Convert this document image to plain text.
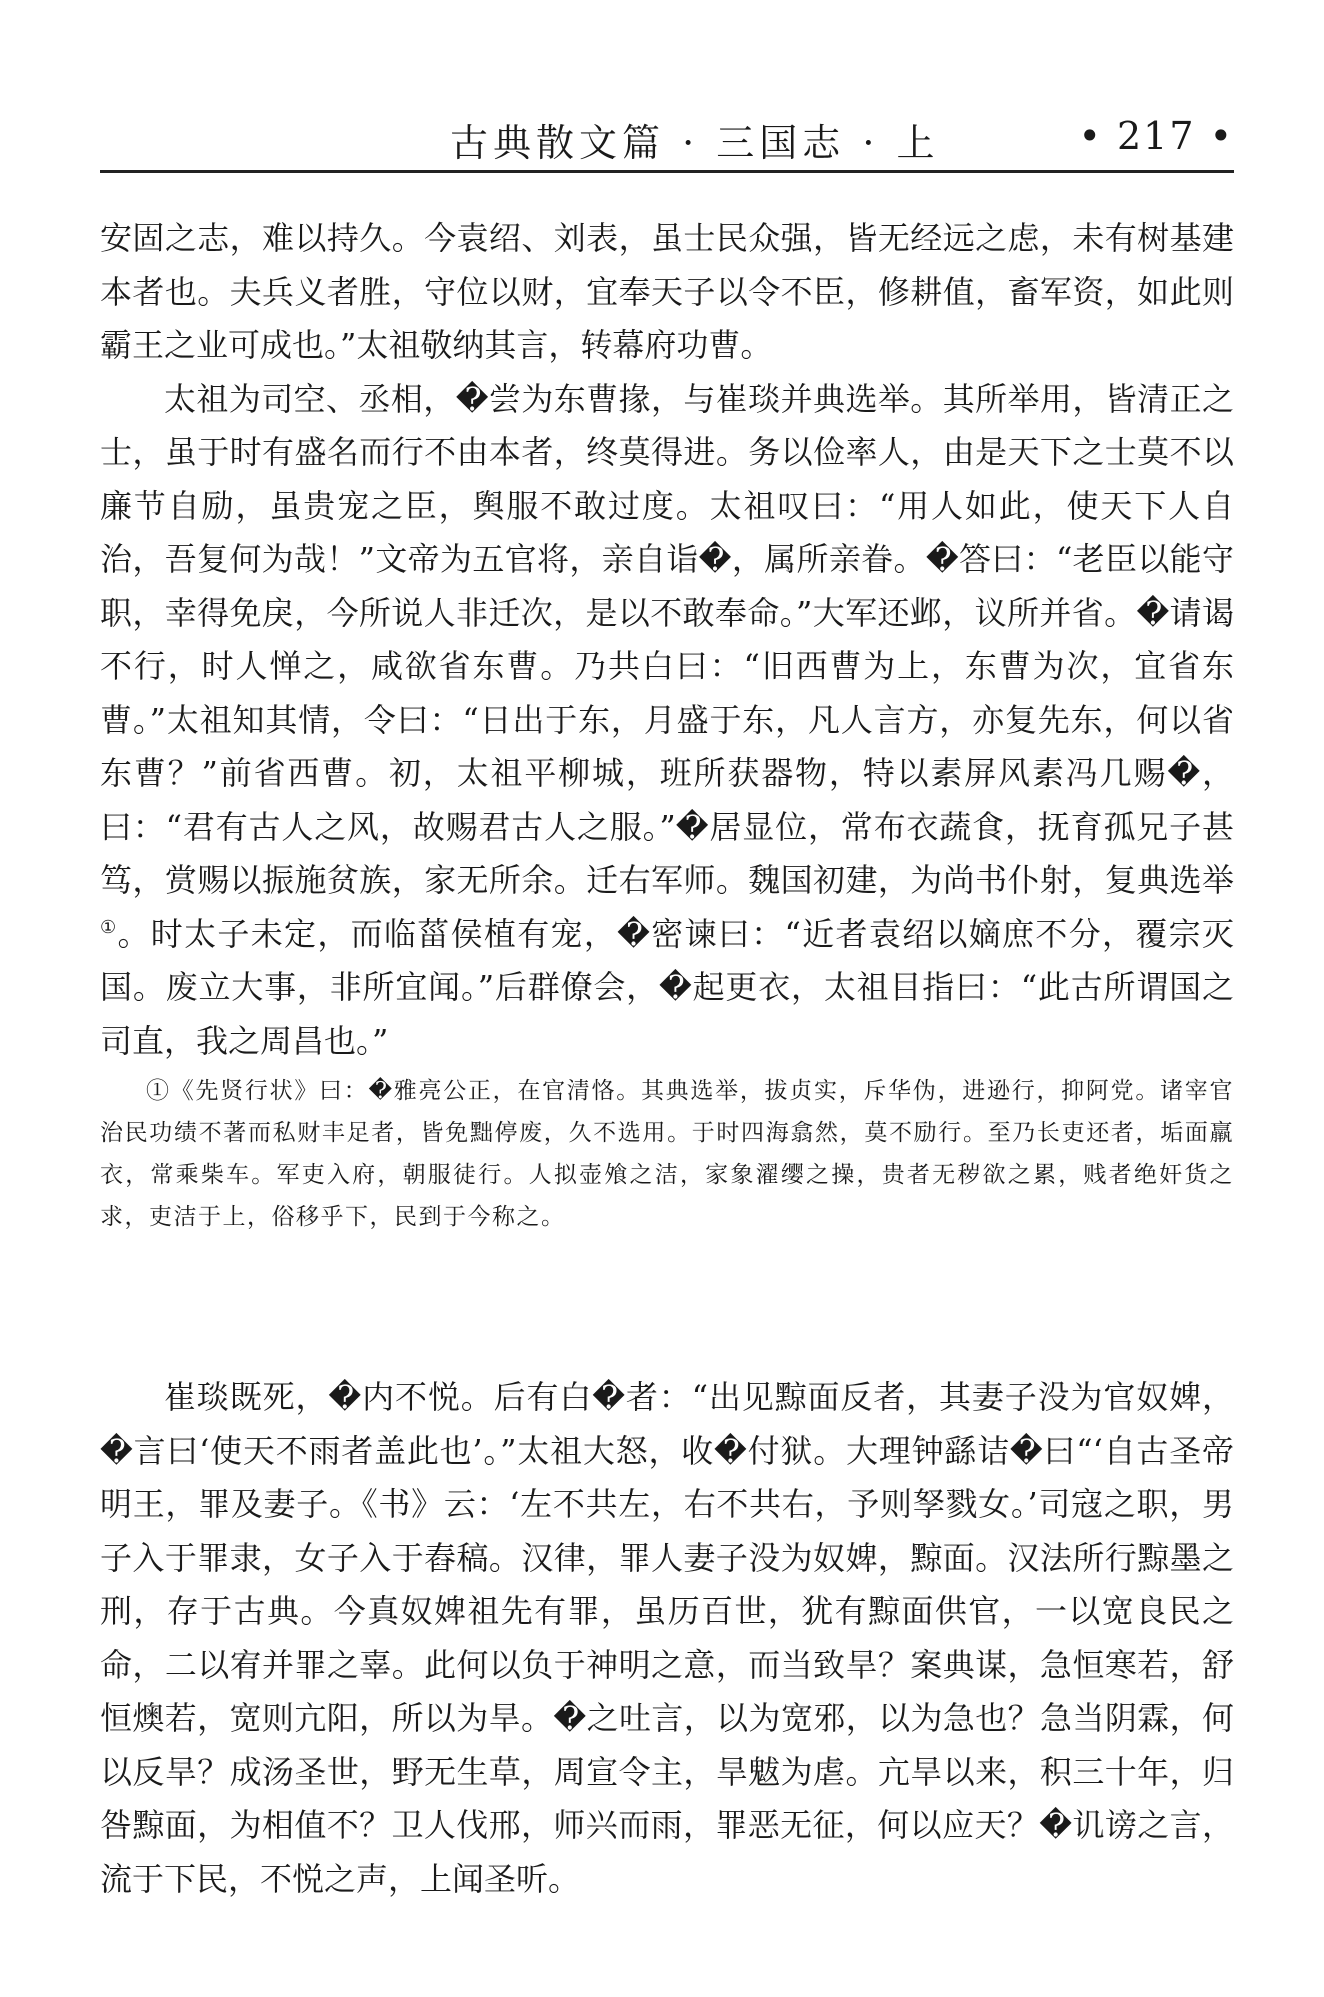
古典散文篇 · 三国志 · 上	• 217 •

安固之志，难以持久。今袁绍、刘表，虽士民众强，皆无经远之虑，未有树基建本者也。夫兵义者胜，守位以财，宜奉天子以令不臣，修耕值，畜军资，如此则霸王之业可成也。”太祖敬纳其言，转幕府功曹。

太祖为司空、丞相，�尝为东曹掾，与崔琰并典选举。其所举用，皆清正之士，虽于时有盛名而行不由本者，终莫得进。务以俭率人，由是天下之士莫不以廉节自励，虽贵宠之臣，舆服不敢过度。太祖叹曰：“用人如此，使天下人自治，吾复何为哉！”文帝为五官将，亲自诣�，属所亲眷。�答曰：“老臣以能守职，幸得免戾，今所说人非迁次，是以不敢奉命。”大军还邺，议所并省。�请谒不行，时人惮之，咸欲省东曹。乃共白曰：“旧西曹为上，东曹为次，宜省东曹。”太祖知其情，令曰：“日出于东，月盛于东，凡人言方，亦复先东，何以省东曹？”前省西曹。初，太祖平柳城，班所获器物，特以素屏风素冯几赐�，曰：“君有古人之风，故赐君古人之服。”�居显位，常布衣蔬食，抚育孤兄子甚笃，赏赐以振施贫族，家无所余。迁右军师。魏国初建，为尚书仆射，复典选举①。时太子未定，而临菑侯植有宠，�密谏曰：“近者袁绍以嫡庶不分，覆宗灭国。废立大事，非所宜闻。”后群僚会，�起更衣，太祖目指曰：“此古所谓国之司直，我之周昌也。”

①《先贤行状》曰：�雅亮公正，在官清恪。其典选举，拔贞实，斥华伪，进逊行，抑阿党。诸宰官治民功绩不著而私财丰足者，皆免黜停废，久不选用。于时四海翕然，莫不励行。至乃长吏还者，垢面羸衣，常乘柴车。军吏入府，朝服徒行。人拟壶飧之洁，家象濯缨之操，贵者无秽欲之累，贱者绝奸货之求，吏洁于上，俗移乎下，民到于今称之。

崔琰既死，�内不悦。后有白�者：“出见黥面反者，其妻子没为官奴婢，�言曰‘使天不雨者盖此也’。”太祖大怒，收�付狱。大理钟繇诘�曰“‘自古圣帝明王，罪及妻子。《书》云：‘左不共左，右不共右，予则孥戮女。’司寇之职，男子入于罪隶，女子入于舂稿。汉律，罪人妻子没为奴婢，黥面。汉法所行黥墨之刑，存于古典。今真奴婢祖先有罪，虽历百世，犹有黥面供官，一以宽良民之命，二以宥并罪之辜。此何以负于神明之意，而当致旱？案典谋，急恒寒若，舒恒燠若，宽则亢阳，所以为旱。�之吐言，以为宽邪，以为急也？急当阴霖，何以反旱？成汤圣世，野无生草，周宣令主，旱魃为虐。亢旱以来，积三十年，归咎黥面，为相值不？卫人伐邢，师兴而雨，罪恶无征，何以应天？�讥谤之言，流于下民，不悦之声，上闻圣听。
